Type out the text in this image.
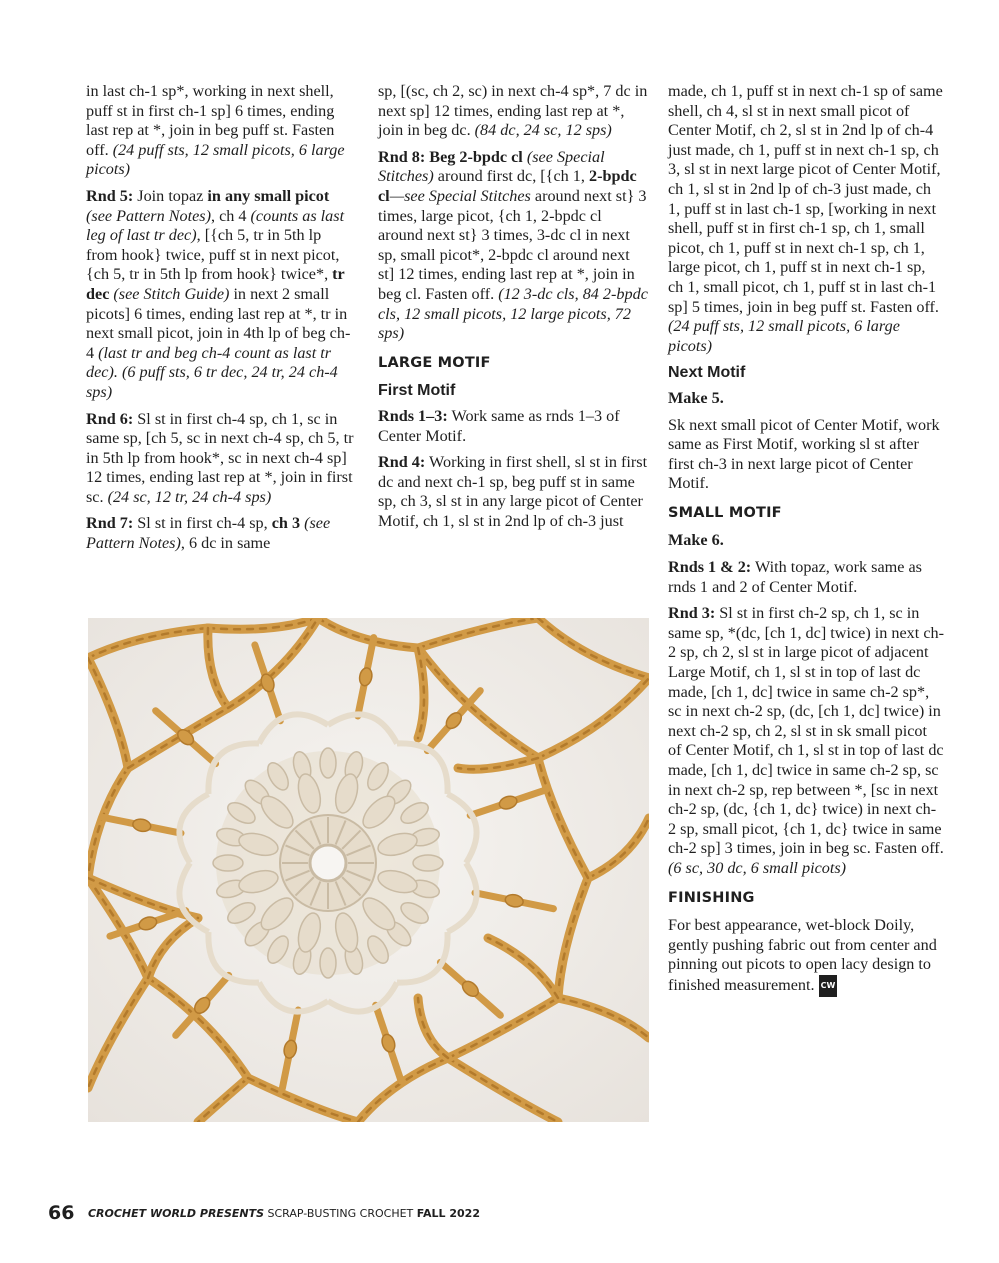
in last ch-1 sp*, working in next shell, puff st in first ch-1 sp] 6 times, ending last rep at *, join in beg puff st. Fasten off. (24 puff sts, 12 small picots, 6 large picots)

Rnd 5: Join topaz in any small picot (see Pattern Notes), ch 4 (counts as last leg of last tr dec), [{ch 5, tr in 5th lp from hook} twice, puff st in next picot, {ch 5, tr in 5th lp from hook} twice*, tr dec (see Stitch Guide) in next 2 small picots] 6 times, ending last rep at *, tr in next small picot, join in 4th lp of beg ch-4 (last tr and beg ch-4 count as last tr dec). (6 puff sts, 6 tr dec, 24 tr, 24 ch-4 sps)

Rnd 6: Sl st in first ch-4 sp, ch 1, sc in same sp, [ch 5, sc in next ch-4 sp, ch 5, tr in 5th lp from hook*, sc in next ch-4 sp] 12 times, ending last rep at *, join in first sc. (24 sc, 12 tr, 24 ch-4 sps)

Rnd 7: Sl st in first ch-4 sp, ch 3 (see Pattern Notes), 6 dc in same

sp, [(sc, ch 2, sc) in next ch-4 sp*, 7 dc in next sp] 12 times, ending last rep at *, join in beg dc. (84 dc, 24 sc, 12 sps)

Rnd 8: Beg 2-bpdc cl (see Special Stitches) around first dc, [{ch 1, 2-bpdc cl—see Special Stitches around next st} 3 times, large picot, {ch 1, 2-bpdc cl around next st} 3 times, 3-dc cl in next sp, small picot*, 2-bpdc cl around next st] 12 times, ending last rep at *, join in beg cl. Fasten off. (12 3-dc cls, 84 2-bpdc cls, 12 small picots, 12 large picots, 72 sps)

LARGE MOTIF
First Motif

Rnds 1–3: Work same as rnds 1–3 of Center Motif.

Rnd 4: Working in first shell, sl st in first dc and next ch-1 sp, beg puff st in same sp, ch 3, sl st in any large picot of Center Motif, ch 1, sl st in 2nd lp of ch-3 just

made, ch 1, puff st in next ch-1 sp of same shell, ch 4, sl st in next small picot of Center Motif, ch 2, sl st in 2nd lp of ch-4 just made, ch 1, puff st in next ch-1 sp, ch 3, sl st in next large picot of Center Motif, ch 1, sl st in 2nd lp of ch-3 just made, ch 1, puff st in last ch-1 sp, [working in next shell, puff st in first ch-1 sp, ch 1, small picot, ch 1, puff st in next ch-1 sp, ch 1, large picot, ch 1, puff st in next ch-1 sp, ch 1, small picot, ch 1, puff st in last ch-1 sp] 5 times, join in beg puff st. Fasten off. (24 puff sts, 12 small picots, 6 large picots)

Next Motif

Make 5.

Sk next small picot of Center Motif, work same as First Motif, working sl st after first ch-3 in next large picot of Center Motif.

SMALL MOTIF

Make 6.

Rnds 1 & 2: With topaz, work same as rnds 1 and 2 of Center Motif.

Rnd 3: Sl st in first ch-2 sp, ch 1, sc in same sp, *(dc, [ch 1, dc] twice) in next ch-2 sp, ch 2, sl st in large picot of adjacent Large Motif, ch 1, sl st in top of last dc made, [ch 1, dc] twice in same ch-2 sp*, sc in next ch-2 sp, (dc, [ch 1, dc] twice) in next ch-2 sp, ch 2, sl st in sk small picot of Center Motif, ch 1, sl st in top of last dc made, [ch 1, dc] twice in same ch-2 sp, sc in next ch-2 sp, rep between *, [sc in next ch-2 sp, (dc, {ch 1, dc} twice) in next ch-2 sp, small picot, {ch 1, dc} twice in same ch-2 sp] 3 times, join in beg sc. Fasten off. (6 sc, 30 dc, 6 small picots)

FINISHING

For best appearance, wet-block Doily, gently pushing fabric out from center and pinning out picots to open lacy design to finished measurement. CW

66 CROCHET WORLD PRESENTS SCRAP-BUSTING CROCHET FALL 2022
